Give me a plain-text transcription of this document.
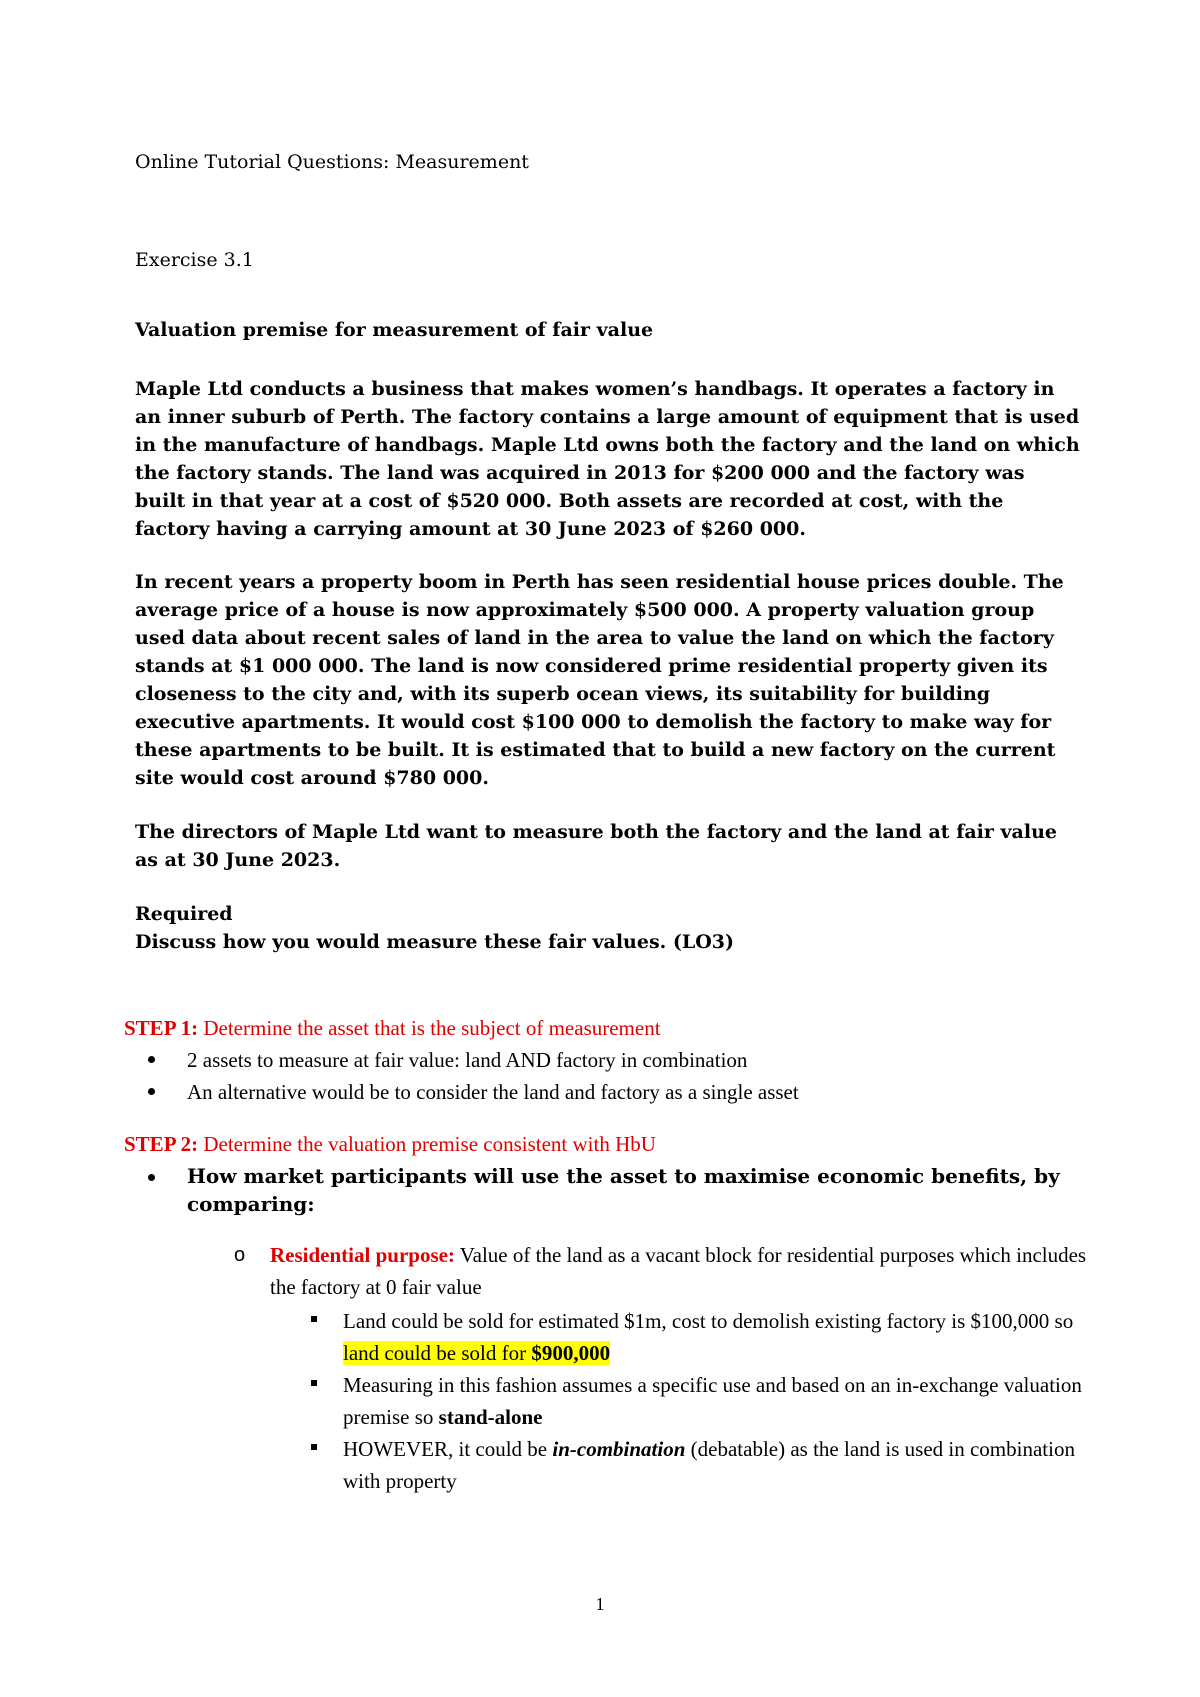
Online Tutorial Questions: Measurement

Exercise 3.1

Valuation premise for measurement of fair value

Maple Ltd conducts a business that makes women’s handbags. It operates a factory in an inner suburb of Perth. The factory contains a large amount of equipment that is used in the manufacture of handbags. Maple Ltd owns both the factory and the land on which the factory stands. The land was acquired in 2013 for $200 000 and the factory was built in that year at a cost of $520 000. Both assets are recorded at cost, with the factory having a carrying amount at 30 June 2023 of $260 000.

In recent years a property boom in Perth has seen residential house prices double. The average price of a house is now approximately $500 000. A property valuation group used data about recent sales of land in the area to value the land on which the factory stands at $1 000 000. The land is now considered prime residential property given its closeness to the city and, with its superb ocean views, its suitability for building executive apartments. It would cost $100 000 to demolish the factory to make way for these apartments to be built. It is estimated that to build a new factory on the current site would cost around $780 000.

The directors of Maple Ltd want to measure both the factory and the land at fair value as at 30 June 2023.

Required

Discuss how you would measure these fair values. (LO3)

STEP 1: Determine the asset that is the subject of measurement

2 assets to measure at fair value: land AND factory in combination
An alternative would be to consider the land and factory as a single asset

STEP 2: Determine the valuation premise consistent with HbU

How market participants will use the asset to maximise economic benefits, by comparing:
o Residential purpose: Value of the land as a vacant block for residential purposes which includes the factory at 0 fair value

Land could be sold for estimated $1m, cost to demolish existing factory is $100,000 so land could be sold for $900,000

Measuring in this fashion assumes a specific use and based on an in-exchange valuation premise so stand-alone

HOWEVER, it could be in-combination (debatable) as the land is used in combination with property

1
